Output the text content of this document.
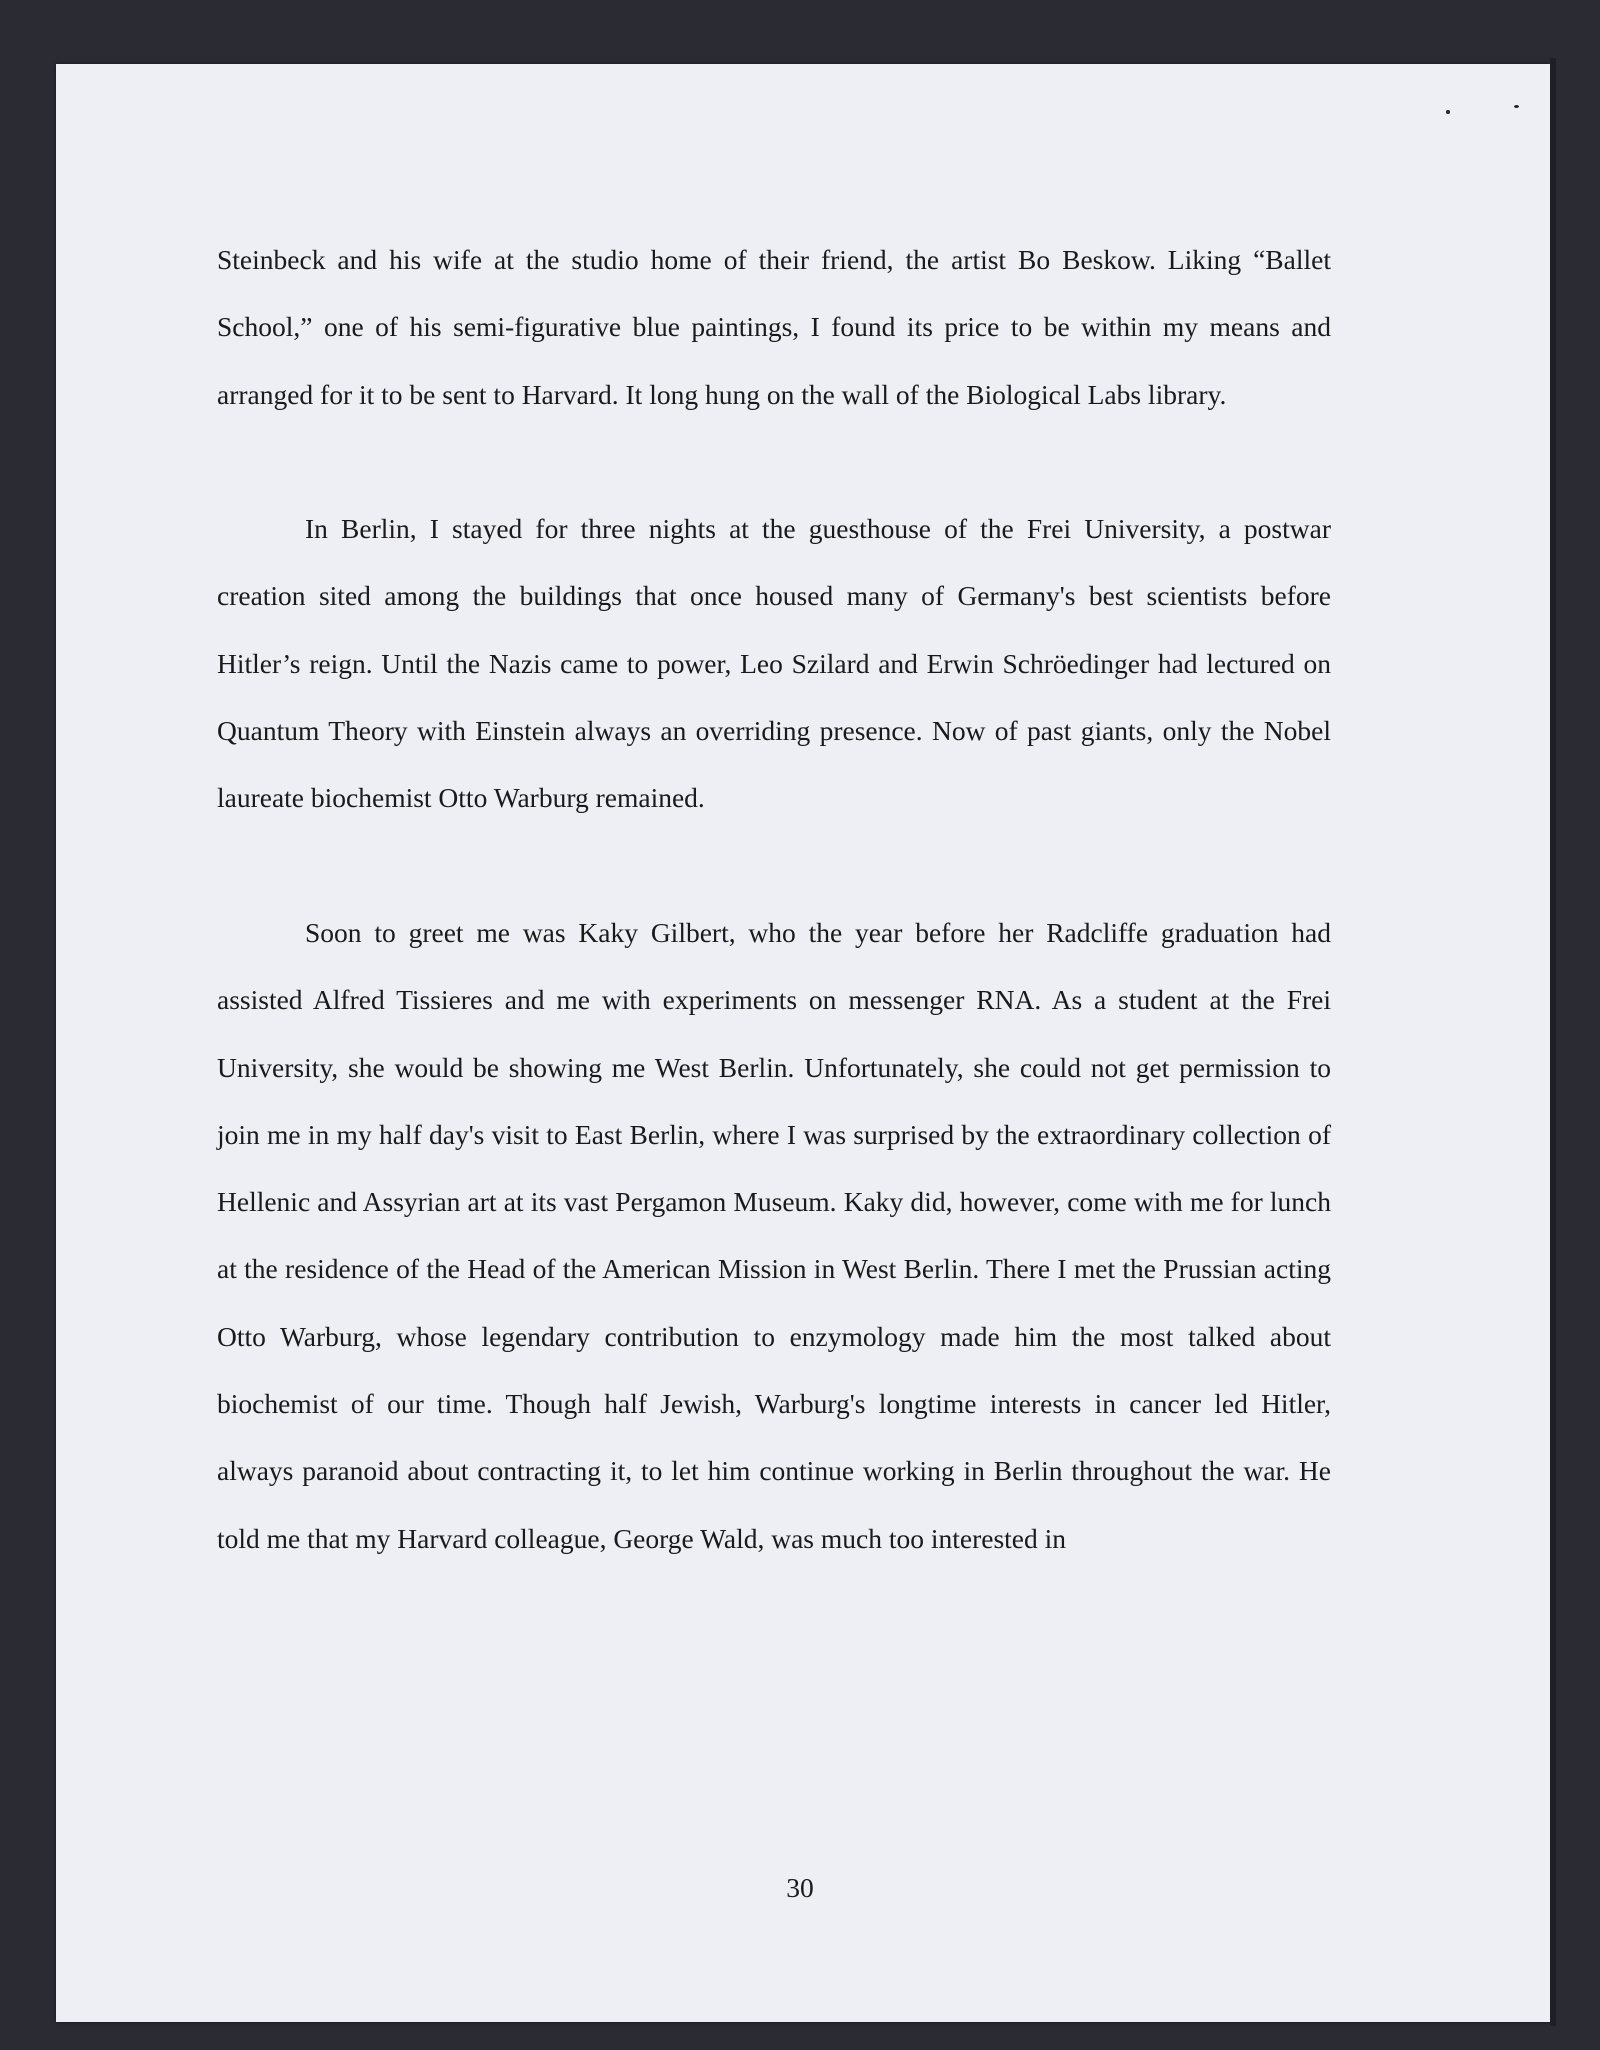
Steinbeck and his wife at the studio home of their friend, the artist Bo Beskow. Liking “Ballet School,” one of his semi-figurative blue paintings, I found its price to be within my means and arranged for it to be sent to Harvard. It long hung on the wall of the Biological Labs library.

In Berlin, I stayed for three nights at the guesthouse of the Frei University, a postwar creation sited among the buildings that once housed many of Germany's best scientists before Hitler’s reign. Until the Nazis came to power, Leo Szilard and Erwin Schröedinger had lectured on Quantum Theory with Einstein always an overriding presence. Now of past giants, only the Nobel laureate biochemist Otto Warburg remained.

Soon to greet me was Kaky Gilbert, who the year before her Radcliffe graduation had assisted Alfred Tissieres and me with experiments on messenger RNA. As a student at the Frei University, she would be showing me West Berlin. Unfortunately, she could not get permission to join me in my half day's visit to East Berlin, where I was surprised by the extraordinary collection of Hellenic and Assyrian art at its vast Pergamon Museum. Kaky did, however, come with me for lunch at the residence of the Head of the American Mission in West Berlin. There I met the Prussian acting Otto Warburg, whose legendary contribution to enzymology made him the most talked about biochemist of our time. Though half Jewish, Warburg's longtime interests in cancer led Hitler, always paranoid about contracting it, to let him continue working in Berlin throughout the war. He told me that my Harvard colleague, George Wald, was much too interested in

30
